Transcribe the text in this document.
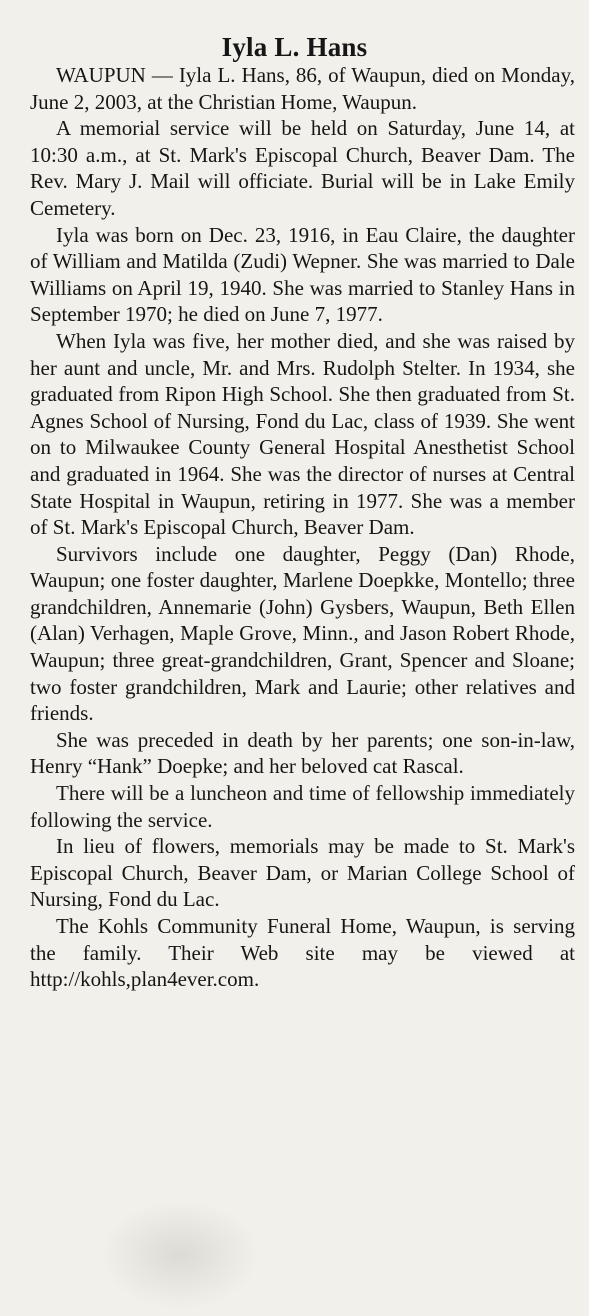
Iyla L. Hans

WAUPUN — Iyla L. Hans, 86, of Waupun, died on Monday, June 2, 2003, at the Christian Home, Waupun.

A memorial service will be held on Saturday, June 14, at 10:30 a.m., at St. Mark's Episcopal Church, Beaver Dam. The Rev. Mary J. Mail will officiate. Burial will be in Lake Emily Cemetery.

Iyla was born on Dec. 23, 1916, in Eau Claire, the daughter of William and Matilda (Zudi) Wepner. She was married to Dale Williams on April 19, 1940. She was married to Stanley Hans in September 1970; he died on June 7, 1977.

When Iyla was five, her mother died, and she was raised by her aunt and uncle, Mr. and Mrs. Rudolph Stelter. In 1934, she graduated from Ripon High School. She then graduated from St. Agnes School of Nursing, Fond du Lac, class of 1939. She went on to Milwaukee County General Hospital Anesthetist School and graduated in 1964. She was the director of nurses at Central State Hospital in Waupun, retiring in 1977. She was a member of St. Mark's Episcopal Church, Beaver Dam.

Survivors include one daughter, Peggy (Dan) Rhode, Waupun; one foster daughter, Marlene Doepkke, Montello; three grandchildren, Annemarie (John) Gysbers, Waupun, Beth Ellen (Alan) Verhagen, Maple Grove, Minn., and Jason Robert Rhode, Waupun; three great-grandchildren, Grant, Spencer and Sloane; two foster grandchildren, Mark and Laurie; other relatives and friends.

She was preceded in death by her parents; one son-in-law, Henry “Hank” Doepke; and her beloved cat Rascal.

There will be a luncheon and time of fellowship immediately following the service.

In lieu of flowers, memorials may be made to St. Mark's Episcopal Church, Beaver Dam, or Marian College School of Nursing, Fond du Lac.

The Kohls Community Funeral Home, Waupun, is serving the family. Their Web site may be viewed at http://kohls,plan4ever.com.
